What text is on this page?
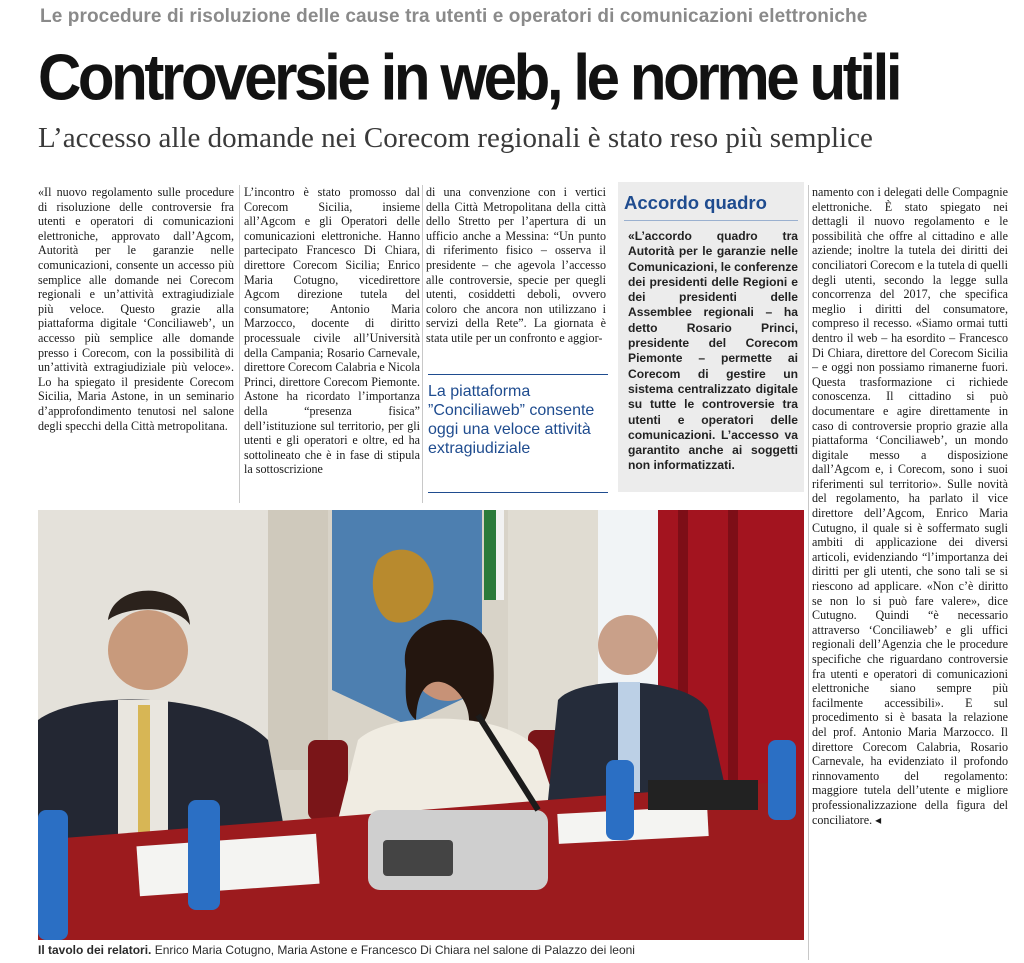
Le procedure di risoluzione delle cause tra utenti e operatori di comunicazioni elettroniche
Controversie in web, le norme utili
L’accesso alle domande nei Corecom regionali è stato reso più semplice

«Il nuovo regolamento sulle procedure di risoluzione delle controversie fra utenti e operatori di comunicazioni elettroniche, approvato dall’Agcom, Autorità per le garanzie nelle comunicazioni, consente un accesso più semplice alle domande nei Corecom regionali e un’attività extragiudiziale più veloce. Questo grazie alla piattaforma digitale ‘Conciliaweb’, un accesso più semplice alle domande presso i Corecom, con la possibilità di un’attività extragiudiziale più veloce». Lo ha spiegato il presidente Corecom Sicilia, Maria Astone, in un seminario d’approfondimento tenutosi nel salone degli specchi della Città metropolitana.

L’incontro è stato promosso dal Corecom Sicilia, insieme all’Agcom e gli Operatori delle comunicazioni elettroniche. Hanno partecipato Francesco Di Chiara, direttore Corecom Sicilia; Enrico Maria Cotugno, vicedirettore Agcom direzione tutela del consumatore; Antonio Maria Marzocco, docente di diritto processuale civile all’Università della Campania; Rosario Carnevale, direttore Corecom Calabria e Nicola Princi, direttore Corecom Piemonte. Astone ha ricordato l’importanza della “presenza fisica” dell’istituzione sul territorio, per gli utenti e gli operatori e oltre, ed ha sottolineato che è in fase di stipula la sottoscrizione

di una convenzione con i vertici della Città Metropolitana della città dello Stretto per l’apertura di un ufficio anche a Messina: “Un punto di riferimento fisico – osserva il presidente – che agevola l’accesso alle controversie, specie per quegli utenti, cosiddetti deboli, ovvero coloro che ancora non utilizzano i servizi della Rete”. La giornata è stata utile per un confronto e aggior-

La piattaforma ”Conciliaweb” consente oggi una veloce attività extragiudiziale
Accordo quadro
«L’accordo quadro tra Autorità per le garanzie nelle Comunicazioni, le conferenze dei presidenti delle Regioni e dei presidenti delle Assemblee regionali – ha detto Rosario Princi, presidente del Corecom Piemonte – permette ai Corecom di gestire un sistema centralizzato digitale su tutte le controversie tra utenti e operatori delle comunicazioni. L’accesso va garantito anche ai soggetti non informatizzati.

namento con i delegati delle Compagnie elettroniche. È stato spiegato nei dettagli il nuovo regolamento e le possibilità che offre al cittadino e alle aziende; inoltre la tutela dei diritti dei conciliatori Corecom e la tutela di quelli degli utenti, secondo la legge sulla concorrenza del 2017, che specifica meglio i diritti del consumatore, compreso il recesso. «Siamo ormai tutti dentro il web – ha esordito – Francesco Di Chiara, direttore del Corecom Sicilia – e oggi non possiamo rimanerne fuori. Questa trasformazione ci richiede conoscenza. Il cittadino si può documentare e agire direttamente in caso di controversie proprio grazie alla piattaforma ‘Conciliaweb’, un mondo digitale messo a disposizione dall’Agcom e, i Corecom, sono i suoi riferimenti sul territorio». Sulle novità del regolamento, ha parlato il vice direttore dell’Agcom, Enrico Maria Cutugno, il quale si è soffermato sugli ambiti di applicazione dei diversi articoli, evidenziando “l’importanza dei diritti per gli utenti, che sono tali se si riescono ad applicare. «Non c’è diritto se non lo si può fare valere», dice Cutugno. Quindi “è necessario attraverso ‘Conciliaweb’ e gli uffici regionali dell’Agenzia che le procedure specifiche che riguardano controversie fra utenti e operatori di comunicazioni elettroniche siano sempre più facilmente accessibili». E sul procedimento si è basata la relazione del prof. Antonio Maria Marzocco. Il direttore Corecom Calabria, Rosario Carnevale, ha evidenziato il profondo rinnovamento del regolamento: maggiore tutela dell’utente e migliore professionalizzazione della figura del conciliatore. ◂

Il tavolo dei relatori. Enrico Maria Cotugno, Maria Astone e Francesco Di Chiara nel salone di Palazzo dei leoni
